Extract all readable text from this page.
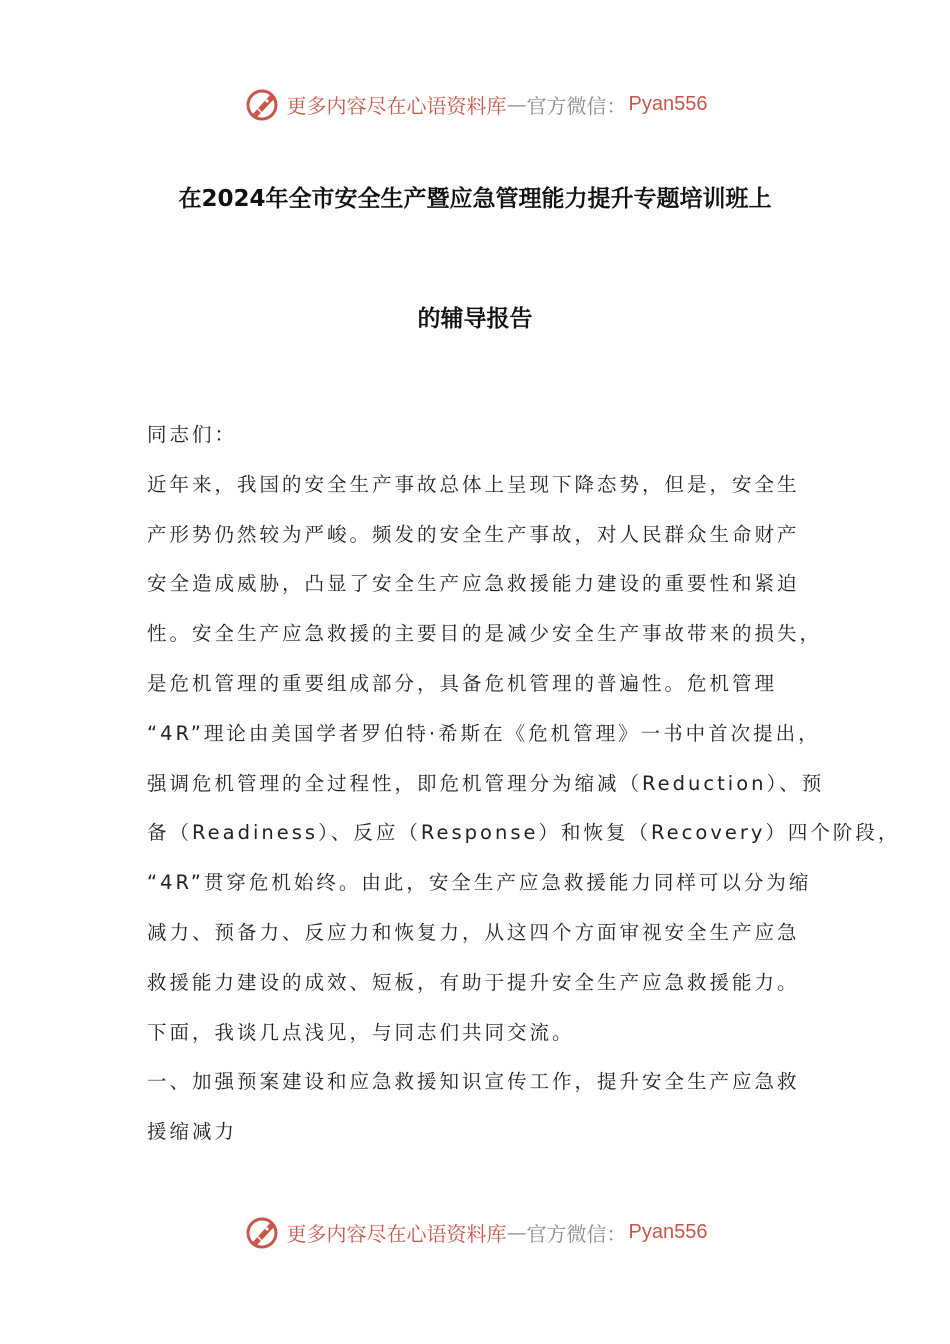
更多内容尽在心语资料库 — 官方微信： Pyan556
在2024年全市安全生产暨应急管理能力提升专题培训班上
的辅导报告
同志们：
近年来，我国的安全生产事故总体上呈现下降态势，但是，安全生
产形势仍然较为严峻。频发的安全生产事故，对人民群众生命财产
安全造成威胁，凸显了安全生产应急救援能力建设的重要性和紧迫
性。安全生产应急救援的主要目的是减少安全生产事故带来的损失，
是危机管理的重要组成部分，具备危机管理的普遍性。危机管理
“4R”理论由美国学者罗伯特·希斯在《危机管理》一书中首次提出，
强调危机管理的全过程性，即危机管理分为缩减（Reduction）、预
备（Readiness）、反应（Response）和恢复（Recovery）四个阶段，
“4R”贯穿危机始终。由此，安全生产应急救援能力同样可以分为缩
减力、预备力、反应力和恢复力，从这四个方面审视安全生产应急
救援能力建设的成效、短板，有助于提升安全生产应急救援能力。
下面，我谈几点浅见，与同志们共同交流。
一、加强预案建设和应急救援知识宣传工作，提升安全生产应急救
援缩减力
更多内容尽在心语资料库 — 官方微信： Pyan556
